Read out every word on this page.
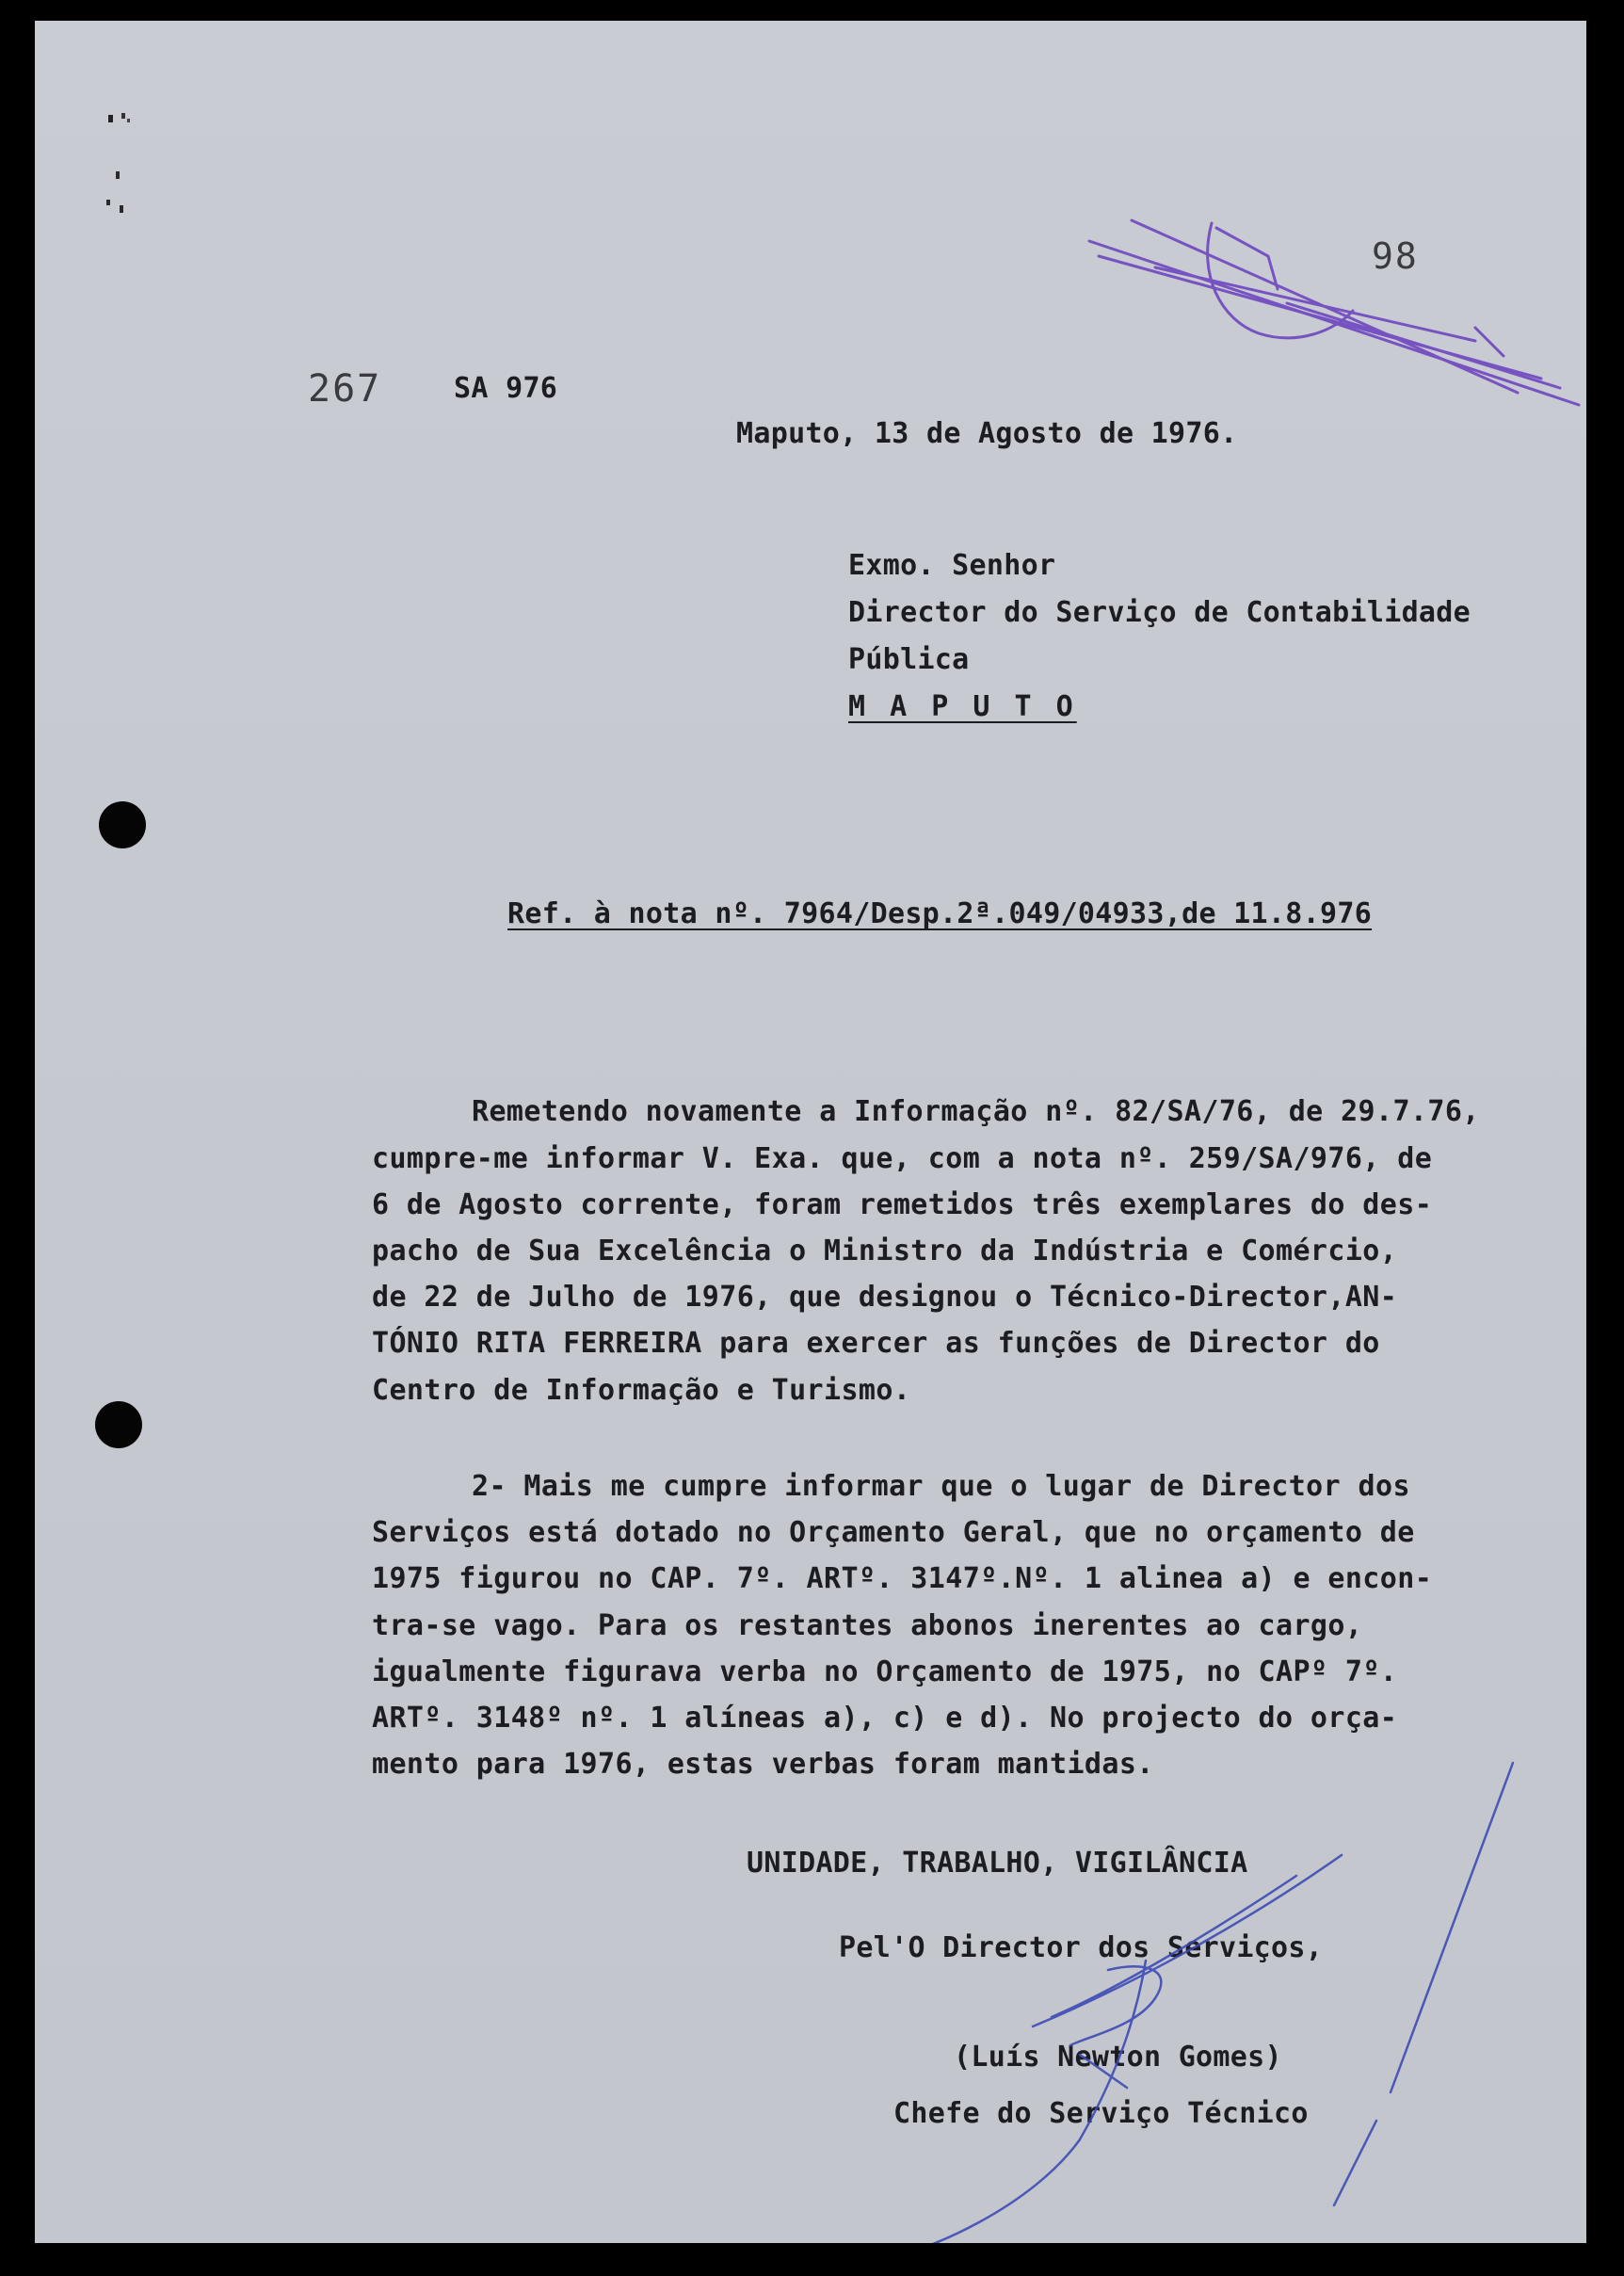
98
267	SA 976
Maputo, 13 de Agosto de 1976.
Exmo. Senhor
Director do Serviço de Contabilidade
Pública
M A P U T O
Ref. à nota nº. 7964/Desp.2ª.049/04933,de 11.8.976
Remetendo novamente a Informação nº. 82/SA/76, de 29.7.76,
cumpre-me informar V. Exa. que, com a nota nº. 259/SA/976, de
6 de Agosto corrente, foram remetidos três exemplares do des-
pacho de Sua Excelência o Ministro da Indústria e Comércio,
de 22 de Julho de 1976, que designou o Técnico-Director,AN-
TÓNIO RITA FERREIRA para exercer as funções de Director do
Centro de Informação e Turismo.
2- Mais me cumpre informar que o lugar de Director dos
Serviços está dotado no Orçamento Geral, que no orçamento de
1975 figurou no CAP. 7º. ARTº. 3147º.Nº. 1 alinea a) e encon-
tra-se vago. Para os restantes abonos inerentes ao cargo,
igualmente figurava verba no Orçamento de 1975, no CAPº 7º.
ARTº. 3148º nº. 1 alíneas a), c) e d). No projecto do orça-
mento para 1976, estas verbas foram mantidas.
UNIDADE, TRABALHO, VIGILÂNCIA
Pel'O Director dos Serviços,
(Luís Newton Gomes)
Chefe do Serviço Técnico
